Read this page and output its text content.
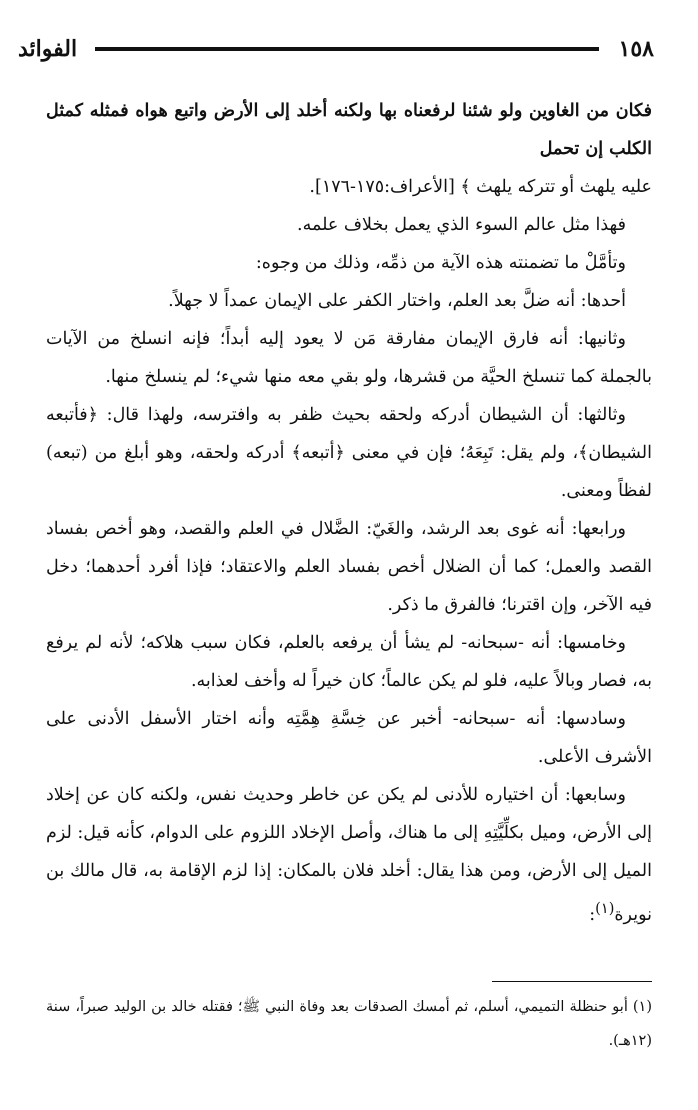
١٥٨
الفوائد

فكان من الغاوين ولو شئنا لرفعناه بها ولكنه أخلد إلى الأرض واتبع هواه فمثله كمثل الكلب إن تحمل

عليه يلهث أو تتركه يلهث ﴾ [الأعراف:١٧٥-١٧٦].

فهذا مثل عالم السوء الذي يعمل بخلاف علمه.

وتأمَّلْ ما تضمنته هذه الآية من ذمِّه، وذلك من وجوه:

أحدها: أنه ضلَّ بعد العلم، واختار الكفر على الإيمان عمداً لا جهلاً.

وثانيها: أنه فارق الإيمان مفارقة مَن لا يعود إليه أبداً؛ فإنه انسلخ من الآيات بالجملة كما تنسلخ الحيَّة من قشرها، ولو بقي معه منها شيء؛ لم ينسلخ منها.

وثالثها: أن الشيطان أدركه ولحقه بحيث ظفر به وافترسه، ولهذا قال: ﴿فأتبعه الشيطان﴾، ولم يقل: تَبِعَهُ؛ فإن في معنى ﴿أتبعه﴾ أدركه ولحقه، وهو أبلغ من (تبعه) لفظاً ومعنى.

ورابعها: أنه غوى بعد الرشد، والغَيّ: الضَّلال في العلم والقصد، وهو أخص بفساد القصد والعمل؛ كما أن الضلال أخص بفساد العلم والاعتقاد؛ فإذا أفرد أحدهما؛ دخل فيه الآخر، وإن اقترنا؛ فالفرق ما ذكر.

وخامسها: أنه -سبحانه- لم يشأ أن يرفعه بالعلم، فكان سبب هلاكه؛ لأنه لم يرفع به، فصار وبالاً عليه، فلو لم يكن عالماً؛ كان خيراً له وأخف لعذابه.

وسادسها: أنه -سبحانه- أخبر عن خِسَّةِ هِمَّتِه وأنه اختار الأسفل الأدنى على الأشرف الأعلى.

وسابعها: أن اختياره للأدنى لم يكن عن خاطر وحديث نفس، ولكنه كان عن إخلاد إلى الأرض، وميل بكلِّيَّتِهِ إلى ما هناك، وأصل الإخلاد اللزوم على الدوام، كأنه قيل: لزم الميل إلى الأرض، ومن هذا يقال: أخلد فلان بالمكان: إذا لزم الإقامة به، قال مالك بن نويرة$^{(١)}$:

(١) أبو حنظلة التميمي، أسلم، ثم أمسك الصدقات بعد وفاة النبي ﷺ؛ فقتله خالد بن الوليد صبراً، سنة (١٢هـ).
